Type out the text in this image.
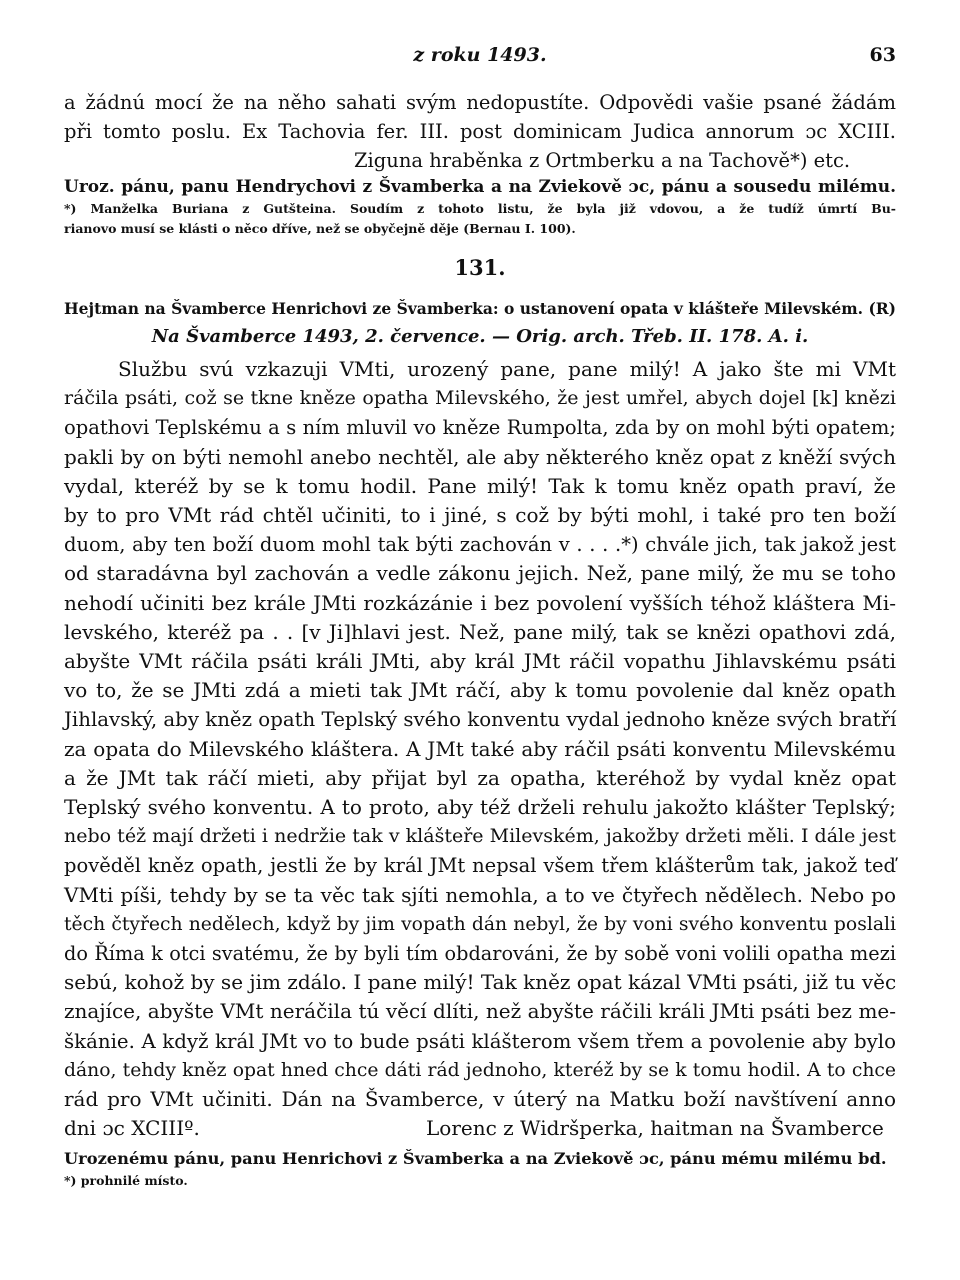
z roku 1493.	63
a žádnú mocí že na něho sahati svým nedopustíte. Odpovědi vašie psané žádám
při tomto poslu. Ex Tachovia fer. III. post dominicam Judica annorum ɔc XCIII.
Ziguna hraběnka z Ortmberku a na Tachově*) etc.
Uroz. pánu, panu Hendrychovi z Švamberka a na Zviekově ɔc, pánu a sousedu milému.
*) Manželka Buriana z Gutšteina. Soudím z tohoto listu, že byla již vdovou, a že tudíž úmrtí Bu-
rianovo musí se klásti o něco dříve, než se obyčejně děje (Bernau I. 100).
131.
Hejtman na Švamberce Henrichovi ze Švamberka: o ustanovení opata v klášteře Milevském. (R)
Na Švamberce 1493, 2. července. — Orig. arch. Třeb. II. 178. A. i.
Službu svú vzkazuji VMti, urozený pane, pane milý! A jako šte mi VMt
ráčila psáti, což se tkne kněze opatha Milevského, že jest umřel, abych dojel [k] knězi
opathovi Teplskému a s ním mluvil vo kněze Rumpolta, zda by on mohl býti opatem;
pakli by on býti nemohl anebo nechtěl, ale aby některého kněz opat z kněží svých
vydal, kteréž by se k tomu hodil. Pane milý! Tak k tomu kněz opath praví, že
by to pro VMt rád chtěl učiniti, to i jiné, s což by býti mohl, i také pro ten boží
duom, aby ten boží duom mohl tak býti zachován v . . . .*) chvále jich, tak jakož jest
od staradávna byl zachován a vedle zákonu jejich. Než, pane milý, že mu se toho
nehodí učiniti bez krále JMti rozkázánie i bez povolení vyšších téhož kláštera Mi-
levského, kteréž pa . . [v Ji]hlavi jest. Než, pane milý, tak se knězi opathovi zdá,
abyšte VMt ráčila psáti králi JMti, aby král JMt ráčil vopathu Jihlavskému psáti
vo to, že se JMti zdá a mieti tak JMt ráčí, aby k tomu povolenie dal kněz opath
Jihlavský, aby kněz opath Teplský svého konventu vydal jednoho kněze svých bratří
za opata do Milevského kláštera. A JMt také aby ráčil psáti konventu Milevskému
a že JMt tak ráčí mieti, aby přijat byl za opatha, kteréhož by vydal kněz opat
Teplský svého konventu. A to proto, aby též drželi rehulu jakožto klášter Teplský;
nebo též mají držeti i nedržie tak v klášteře Milevském, jakožby držeti měli. I dále jest
pověděl kněz opath, jestli že by král JMt nepsal všem třem klášterům tak, jakož teď
VMti píši, tehdy by se ta věc tak sjíti nemohla, a to ve čtyřech nědělech. Nebo po
těch čtyřech nedělech, když by jim vopath dán nebyl, že by voni svého konventu poslali
do Říma k otci svatému, že by byli tím obdarováni, že by sobě voni volili opatha mezi
sebú, kohož by se jim zdálo. I pane milý! Tak kněz opat kázal VMti psáti, již tu věc
znajíce, abyšte VMt neráčila tú věcí dlíti, než abyšte ráčili králi JMti psáti bez me-
škánie. A když král JMt vo to bude psáti klášterom všem třem a povolenie aby bylo
dáno, tehdy kněz opat hned chce dáti rád jednoho, kteréž by se k tomu hodil. A to chce
rád pro VMt učiniti. Dán na Švamberce, v úterý na Matku boží navštívení anno
dni ɔc XCIIIº.	Lorenc z Widršperka, haitman na Švamberce
Urozenému pánu, panu Henrichovi z Švamberka a na Zviekově ɔc, pánu mému milému bd.
*) prohnilé místo.
